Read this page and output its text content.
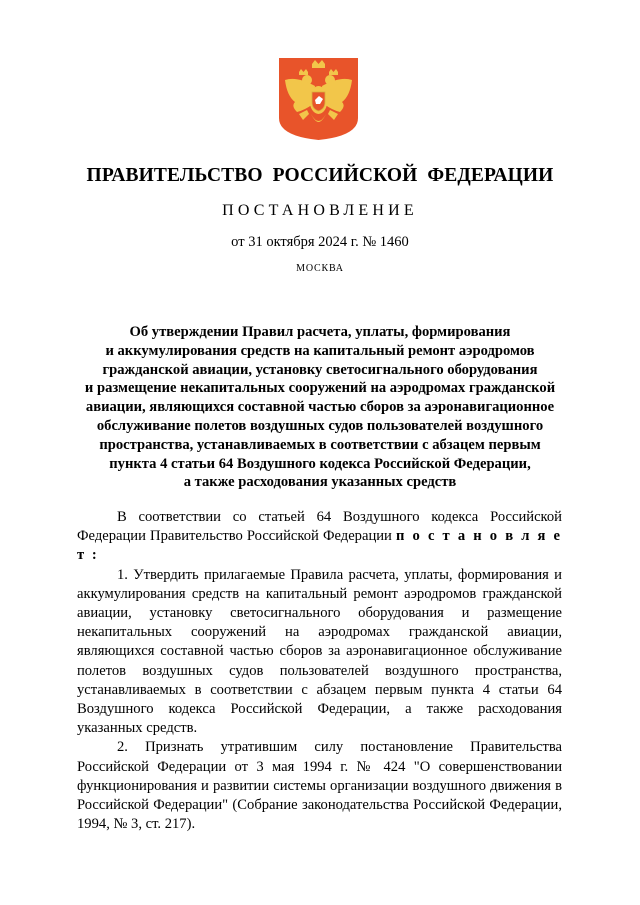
ПРАВИТЕЛЬСТВО РОССИЙСКОЙ ФЕДЕРАЦИИ
ПОСТАНОВЛЕНИЕ
от 31 октября 2024 г. № 1460
МОСКВА
Об утверждении Правил расчета, уплаты, формирования
и аккумулирования средств на капитальный ремонт аэродромов
гражданской авиации, установку светосигнального оборудования
и размещение некапитальных сооружений на аэродромах гражданской
авиации, являющихся составной частью сборов за аэронавигационное
обслуживание полетов воздушных судов пользователей воздушного
пространства, устанавливаемых в соответствии с абзацем первым
пункта 4 статьи 64 Воздушного кодекса Российской Федерации,
а также расходования указанных средств

В соответствии со статьей 64 Воздушного кодекса Российской Федерации Правительство Российской Федерации п о с т а н о в л я е т :

1. Утвердить прилагаемые Правила расчета, уплаты, формирования и аккумулирования средств на капитальный ремонт аэродромов гражданской авиации, установку светосигнального оборудования и размещение некапитальных сооружений на аэродромах гражданской авиации, являющихся составной частью сборов за аэронавигационное обслуживание полетов воздушных судов пользователей воздушного пространства, устанавливаемых в соответствии с абзацем первым пункта 4 статьи 64 Воздушного кодекса Российской Федерации, а также расходования указанных средств.

2. Признать утратившим силу постановление Правительства Российской Федерации от 3 мая 1994 г. № 424 "О совершенствовании функционирования и развитии системы организации воздушного движения в Российской Федерации" (Собрание законодательства Российской Федерации, 1994, № 3, ст. 217).
